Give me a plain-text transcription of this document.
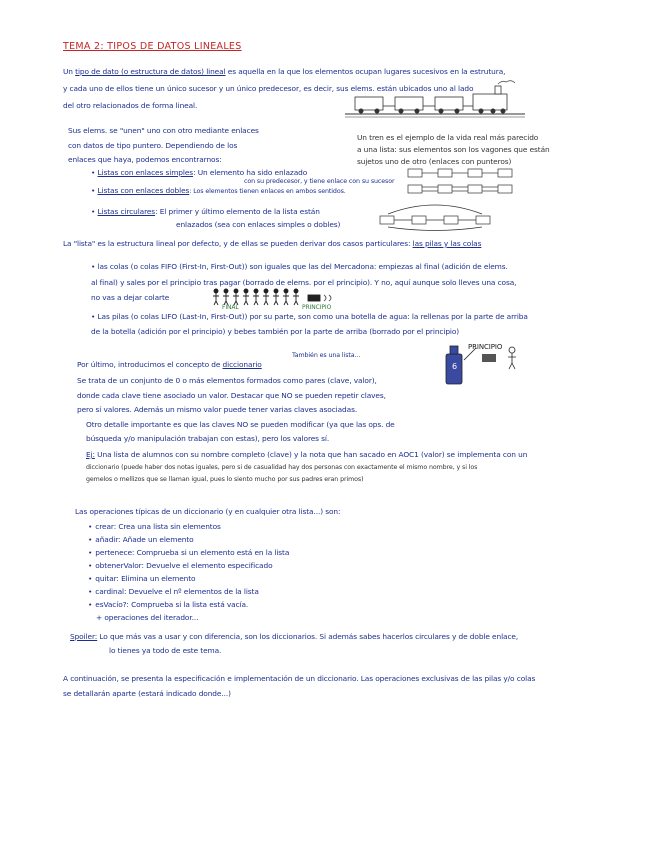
TEMA 2: TIPOS DE DATOS LINEALES
Un tipo de dato (o estructura de datos) lineal es aquella en la que los elementos ocupan lugares sucesivos en la estrutura,
y cada uno de ellos tiene un único sucesor y un único predecesor, es decir, sus elems. están ubicados uno al lado
del otro relacionados de forma lineal.
Sus elems. se "unen" uno con otro mediante enlaces
con datos de tipo puntero. Dependiendo de los
enlaces que haya, podemos encontrarnos:
Un tren es el ejemplo de la vida real más parecido
a una lista: sus elementos son los vagones que están
sujetos uno de otro (enlaces con punteros)
• Listas con enlaces simples: Un elemento ha sido enlazado
con su predecesor, y tiene enlace con su sucesor
• Listas con enlaces dobles: Los elementos tienen enlaces en ambos sentidos.
• Listas circulares: El primer y último elemento de la lista están
enlazados (sea con enlaces simples o dobles)
La "lista" es la estructura lineal por defecto, y de ellas se pueden derivar dos casos particulares: las pilas y las colas
• las colas (o colas FIFO (First-In, First-Out)) son iguales que las del Mercadona: empiezas al final (adición de elems.
al final) y sales por el principio tras pagar (borrado de elems. por el principio). Y no, aquí aunque solo lleves una cosa,
no vas a dejar colarte
FINAL	PRINCIPIO
• Las pilas (o colas LIFO (Last-In, First-Out)) por su parte, son como una botella de agua: la rellenas por la parte de arriba
de la botella (adición por el principio) y bebes también por la parte de arriba (borrado por el principio)
PRINCIPIO
6
Por último, introducimos el concepto de diccionario
También es una lista...
Se trata de un conjunto de 0 o más elementos formados como pares (clave, valor),
donde cada clave tiene asociado un valor. Destacar que NO se pueden repetir claves,
pero sí valores. Además un mismo valor puede tener varias claves asociadas.
Otro detalle importante es que las claves NO se pueden modificar (ya que las ops. de
búsqueda y/o manipulación trabajan con estas), pero los valores sí.
Ej: Una lista de alumnos con su nombre completo (clave) y la nota que han sacado en AOC1 (valor) se implementa con un
diccionario (puede haber dos notas iguales, pero si de casualidad hay dos personas con exactamente el mismo nombre, y si los
gemelos o mellizos que se llaman igual, pues lo siento mucho por sus padres eran primos)
Las operaciones típicas de un diccionario (y en cualquier otra lista...) son:
• crear: Crea una lista sin elementos
• añadir: Añade un elemento
• pertenece: Comprueba si un elemento está en la lista
• obtenerValor: Devuelve el elemento especificado
• quitar: Elimina un elemento
• cardinal: Devuelve el nº elementos de la lista
• esVacío?: Comprueba si la lista está vacía.
+ operaciones del iterador...
Spoiler: Lo que más vas a usar y con diferencia, son los diccionarios. Si además sabes hacerlos circulares y de doble enlace,
lo tienes ya todo de este tema.
A continuación, se presenta la especificación e implementación de un diccionario. Las operaciones exclusivas de las pilas y/o colas
se detallarán aparte (estará indicado donde...)
